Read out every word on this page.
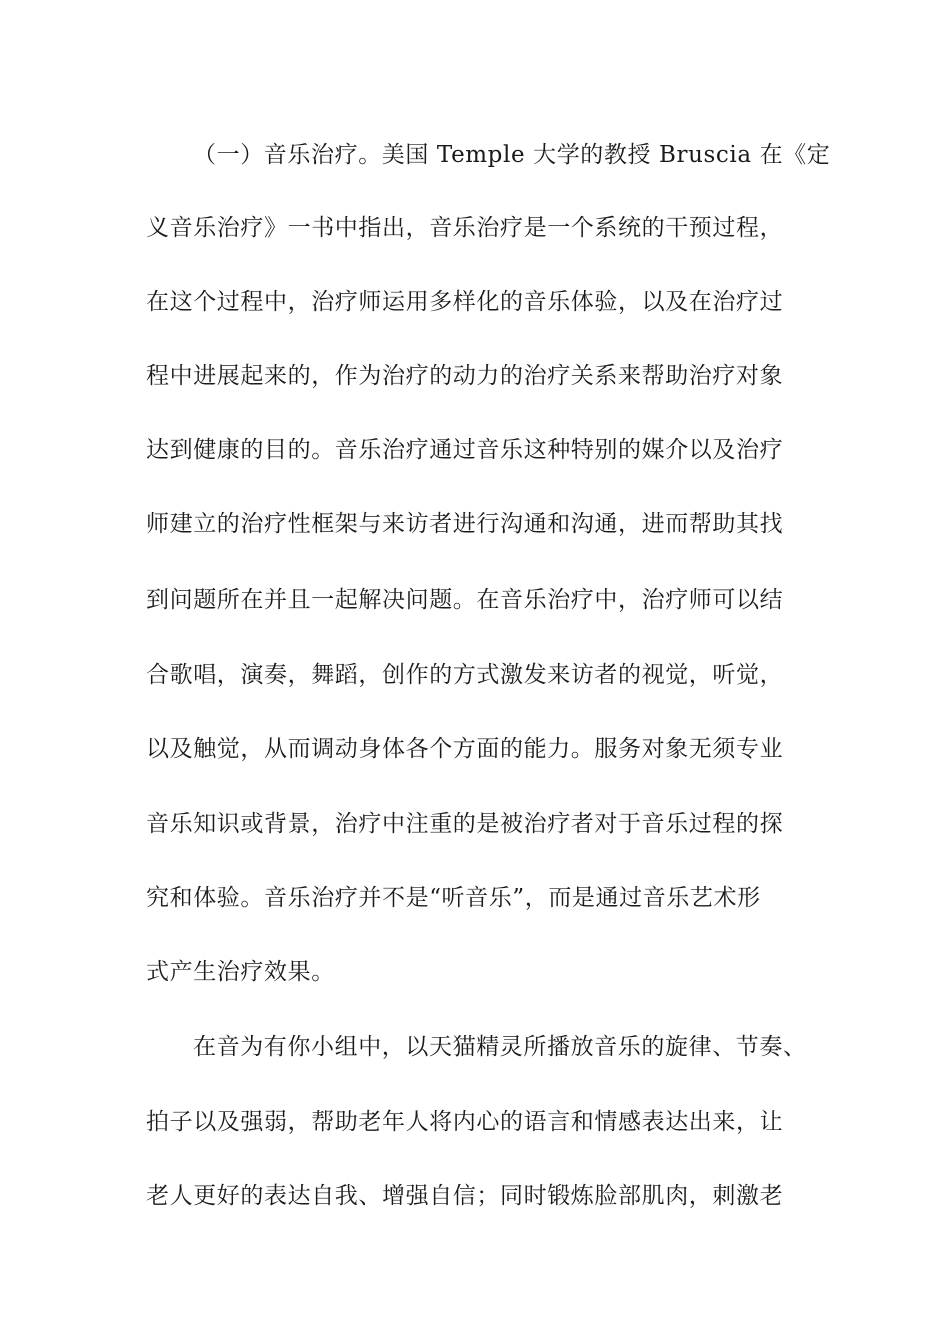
（一）音乐治疗。美国 Temple 大学的教授 Bruscia 在《定
义音乐治疗》一书中指出，音乐治疗是一个系统的干预过程，
在这个过程中，治疗师运用多样化的音乐体验，以及在治疗过
程中进展起来的，作为治疗的动力的治疗关系来帮助治疗对象
达到健康的目的。音乐治疗通过音乐这种特别的媒介以及治疗
师建立的治疗性框架与来访者进行沟通和沟通，进而帮助其找
到问题所在并且一起解决问题。在音乐治疗中，治疗师可以结
合歌唱，演奏，舞蹈，创作的方式激发来访者的视觉，听觉，
以及触觉，从而调动身体各个方面的能力。服务对象无须专业
音乐知识或背景，治疗中注重的是被治疗者对于音乐过程的探
究和体验。音乐治疗并不是“听音乐”，而是通过音乐艺术形
式产生治疗效果。
在音为有你小组中，以天猫精灵所播放音乐的旋律、节奏、
拍子以及强弱，帮助老年人将内心的语言和情感表达出来，让
老人更好的表达自我、增强自信；同时锻炼脸部肌肉，刺激老
